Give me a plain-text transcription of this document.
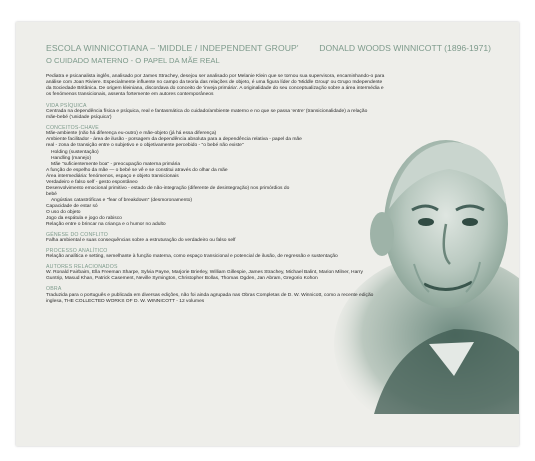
ESCOLA WINNICOTIANA – 'MIDDLE / INDEPENDENT GROUP'
O CUIDADO MATERNO - O PAPEL DA MÃE REAL
DONALD WOODS WINNICOTT (1896-1971)
Pediatra e psicanalista inglês, analisado por James Strachey, desejou ser analisado por Melanie Klein que se tornou sua supervisora, encaminhando-o para análise com Joan Riviere. Especialmente influente no campo da teoria das relações de objeto, é uma figura líder do 'Middle Group' ou Grupo Independente da Sociedade Britânica. De origem kleiniana, discordava do conceito de 'inveja primária'. A originalidade do seu conceptualização sobre a área intermédia e os fenómenos transicionais, assenta fortemente em autores contemporâneos
VIDA PSÍQUICA
Centrada na dependência física e psíquica, real e fantasmática do cuidado/ambiente materno e no que se passa 'entre' (transicionalidade) a relação mãe-bebé ('unidade psíquica')
CONCEITOS-CHAVE
Mãe-ambiente (não há diferença eu-outro) e mãe-objeto (já há essa diferença)
Ambiente facilitador - área de ilusão - porsagem da dependência absoluta para a dependência relativa - papel da mãe
real - zona de transição entre o subjetivo e o objetivamente percebido - "o bebé não existe"
Holding (sustentação)
Handling (manejo)
Mãe "suficientemente boa" - preocupação materna primária
A função de espelho da mãe — o bebé se vê e se constitui através do olhar da mãe
Área intermediária: fenómenos, espaço e objeto transicionais
Verdadeiro e falso self - gesto espontâneo
Desenvolvimento emocional primitivo - estado de não-integração (diferente de desintegração) nos primórdios do
bebé
Angústias catastróficas e "fear of breakdown" (desmoronamento)
Capacidade de estar só
O uso do objeto
Jogo da espátula e jogo do rabisco
Relação entre o brincar na criança e o humor no adulto
GÉNESE DO CONFLITO
Falha ambiental e suas consequências sobre a estruturação do verdadeiro ou falso self
PROCESSO ANALÍTICO
Relação analítica e setting, semelhante à função materna, como espaço transicional e potencial de ilusão, de regressão e sustentação
AUTORES RELACIONADOS
W. Ronald Fairbairn, Ella Freeman Sharpe, Sylvia Payne, Marjorie Brierley, William Gillespie, James Strachey, Michael Balint, Marion Milner, Harry Guntrip, Masud Khan, Patrick Casement, Neville Symington, Christopher Bollas, Thomas Ogden, Jan Abram, Gregorio Kohon
OBRA
Traduzida para o português e publicada em diversas edições, não foi ainda agrupada nas Obras Completas de D. W. Winnicott, como a recente edição inglesa, THE COLLECTED WORKS OF D. W. WINNICOTT - 12 volumes
